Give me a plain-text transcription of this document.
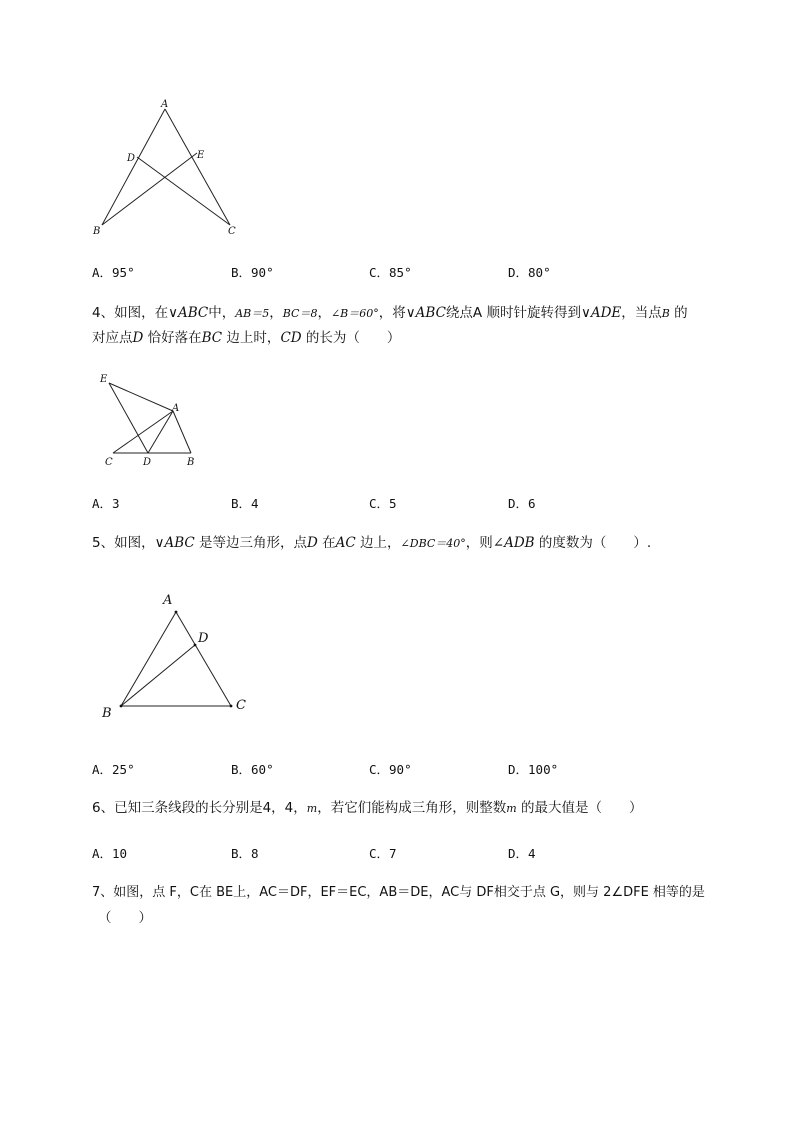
A
B	C
D	E
A．95°	B．90°	C．85°	D．80°
4、如图，在∨ABC中，AB＝5，BC＝8，∠B＝60°，将∨ABC绕点A 顺时针旋转得到∨ADE，当点B 的
对应点D 恰好落在BC 边上时，CD 的长为（　　）
E
A
C	D	B
A．3	B．4	C．5	D．6
5、如图，∨ABC 是等边三角形，点D 在AC 边上，∠DBC＝40°，则∠ADB 的度数为（　　）.
A
D
B
C
A．25°	B．60°	C．90°	D．100°
6、已知三条线段的长分别是4，4，m，若它们能构成三角形，则整数m 的最大值是（　　）
A．10	B．8	C．7	D．4
7、如图，点 F，C在 BE上，AC＝DF，EF＝EC，AB＝DE，AC与 DF相交于点 G，则与 2∠DFE 相等的是
（　　）
